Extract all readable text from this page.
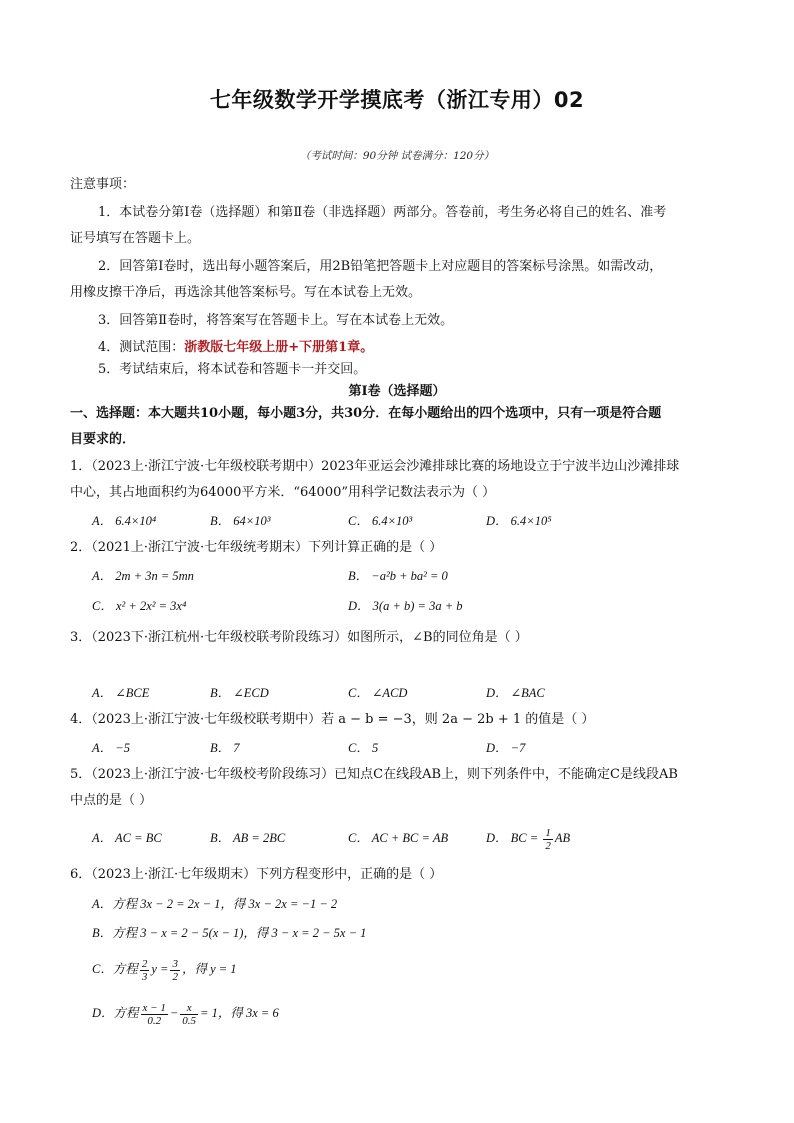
七年级数学开学摸底考（浙江专用）02
（考试时间：90分钟 试卷满分：120分）
注意事项：
1．本试卷分第Ⅰ卷（选择题）和第Ⅱ卷（非选择题）两部分。答卷前，考生务必将自己的姓名、准考
证号填写在答题卡上。
2．回答第Ⅰ卷时，选出每小题答案后，用2B铅笔把答题卡上对应题目的答案标号涂黑。如需改动，
用橡皮擦干净后，再选涂其他答案标号。写在本试卷上无效。
3．回答第Ⅱ卷时，将答案写在答题卡上。写在本试卷上无效。
4．测试范围：浙教版七年级上册+下册第1章。
5．考试结束后，将本试卷和答题卡一并交回。
第Ⅰ卷（选择题）
一、选择题：本大题共10小题，每小题3分，共30分．在每小题给出的四个选项中，只有一项是符合题
目要求的．
1．（2023上·浙江宁波·七年级校联考期中）2023年亚运会沙滩排球比赛的场地设立于宁波半边山沙滩排球
中心，其占地面积约为64000平方米．“64000”用科学记数法表示为（ ）
A． 6.4×10⁴	B． 64×10³	C． 6.4×10³	D． 6.4×10⁵
2．（2021上·浙江宁波·七年级统考期末）下列计算正确的是（ ）
A． 2m + 3n = 5mn	B． −a²b + ba² = 0
C． x² + 2x² = 3x⁴	D． 3(a + b) = 3a + b
3．（2023下·浙江杭州·七年级校联考阶段练习）如图所示，∠B的同位角是（ ）
A． ∠BCE	B． ∠ECD	C． ∠ACD	D． ∠BAC
4．（2023上·浙江宁波·七年级校联考期中）若 a − b = −3，则 2a − 2b + 1 的值是（ ）
A． −5	B． 7	C． 5	D． −7
5．（2023上·浙江宁波·七年级校考阶段练习）已知点C在线段AB上，则下列条件中，不能确定C是线段AB
中点的是（ ）
A． AC = BC	B． AB = 2BC	C． AC + BC = AB	D． BC = $\frac{1}{2}$ AB
6．（2023上·浙江·七年级期末）下列方程变形中，正确的是（ ）
A．方程 3x − 2 = 2x − 1，得 3x − 2x = −1 − 2
B．方程 3 − x = 2 − 5(x − 1)，得 3 − x = 2 − 5x − 1
C．方程 $\frac{2}{3}$ $y = \frac{3}{2}$ ，得 y = 1
D．方程 $\frac{x - 1}{0.2} - \frac{x}{0.5} = 1$，得 3x = 6
